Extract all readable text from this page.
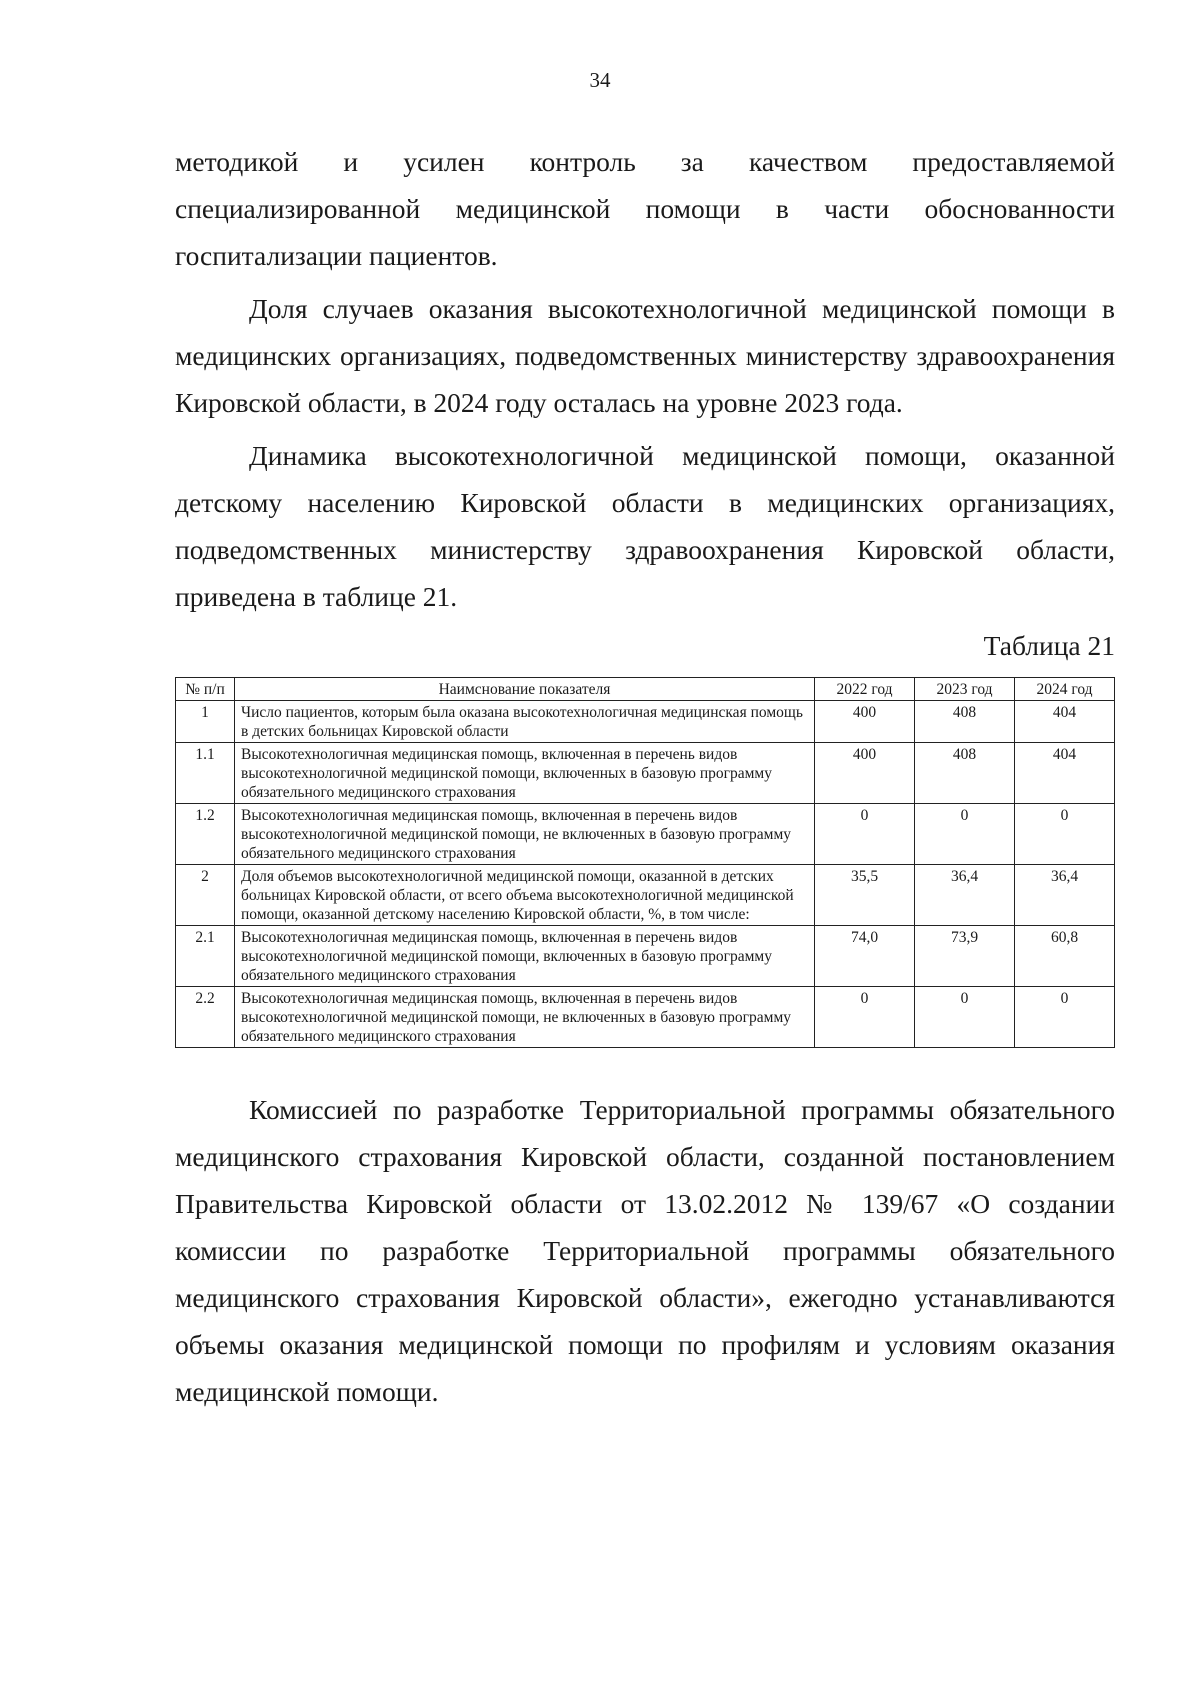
34

методикой и усилен контроль за качеством предоставляемой специализированной медицинской помощи в части обоснованности госпитализации пациентов.

Доля случаев оказания высокотехнологичной медицинской помощи в медицинских организациях, подведомственных министерству здравоохранения Кировской области, в 2024 году осталась на уровне 2023 года.

Динамика высокотехнологичной медицинской помощи, оказанной детскому населению Кировской области в медицинских организациях, подведомственных министерству здравоохранения Кировской области, приведена в таблице 21.

Таблица 21
№ п/п	Наимснование показателя	2022 год	2023 год	2024 год
1	Число пациентов, которым была оказана высокотехнологичная медицинская помощь в детских больницах Кировской области	400	408	404
1.1	Высокотехнологичная медицинская помощь, включенная в перечень видов высокотехнологичной медицинской помощи, включенных в базовую программу обязательного медицинского страхования	400	408	404
1.2	Высокотехнологичная медицинская помощь, включенная в перечень видов высокотехнологичной медицинской помощи, не включенных в базовую программу обязательного медицинского страхования	0	0	0
2	Доля объемов высокотехнологичной медицинской помощи, оказанной в детских больницах Кировской области, от всего объема высокотехнологичной медицинской помощи, оказанной детскому населению Кировской области, %, в том числе:	35,5	36,4	36,4
2.1	Высокотехнологичная медицинская помощь, включенная в перечень видов высокотехнологичной медицинской помощи, включенных в базовую программу обязательного медицинского страхования	74,0	73,9	60,8
2.2	Высокотехнологичная медицинская помощь, включенная в перечень видов высокотехнологичной медицинской помощи, не включенных в базовую программу обязательного медицинского страхования	0	0	0

Комиссией по разработке Территориальной программы обязательного медицинского страхования Кировской области, созданной постановлением Правительства Кировской области от 13.02.2012 № 139/67 «О создании комиссии по разработке Территориальной программы обязательного медицинского страхования Кировской области», ежегодно устанавливаются объемы оказания медицинской помощи по профилям и условиям оказания медицинской помощи.
